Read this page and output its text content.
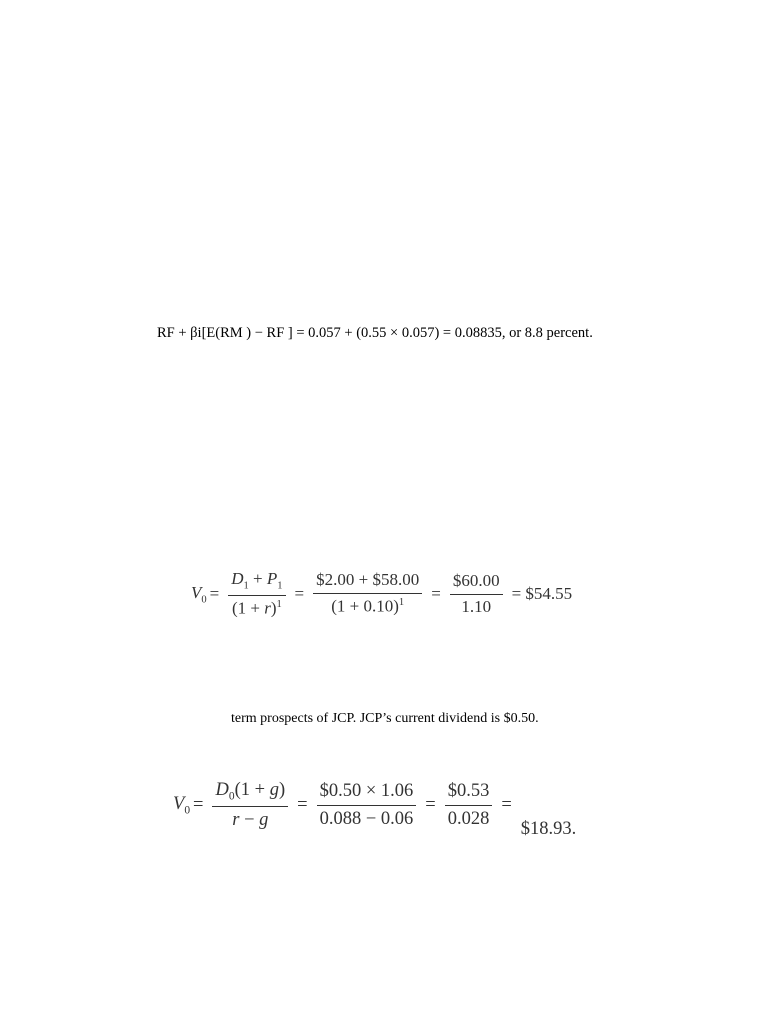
RF + βi[E(RM ) − RF ] = 0.057 + (0.55 × 0.057) = 0.08835, or 8.8 percent.
$V_0 = \frac{D_1 + P_1}{(1 + r)^1} = \frac{\$2.00 + \$58.00}{(1 + 0.10)^1} = \frac{\$60.00}{1.10}$ = $54.55
term prospects of JCP. JCP’s current dividend is $0.50.
$V_0 = \frac{D_0(1 + g)}{r - g} = \frac{\$0.50 \times 1.06}{0.088 - 0.06} = \frac{\$0.53}{0.028}$ =
$18.93.
